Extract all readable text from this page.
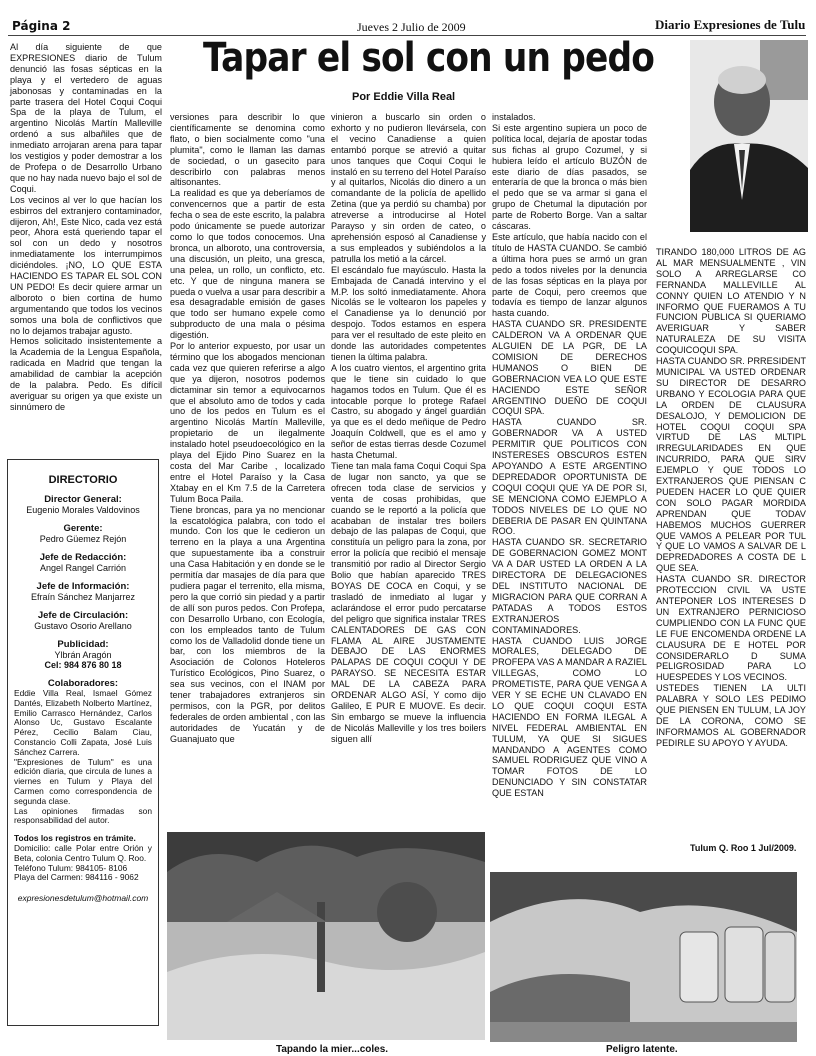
Página 2	Jueves 2 Julio de 2009	Diario Expresiones de Tulu
Tapar el sol con un pedo
Por Eddie Villa Real

Al día siguiente de que EXPRESIONES diario de Tulum denunció las fosas sépticas en la playa y el vertedero de aguas jabonosas y contaminadas en la parte trasera del Hotel Coqui Coqui Spa de la playa de Tulum, el argentino Nicolás Martín Malleville ordenó a sus albañiles que de inmediato arrojaran arena para tapar los vestigios y poder demostrar a los de Profepa o de Desarrollo Urbano que no hay nada nuevo bajo el sol de Coqui.

Los vecinos al ver lo que hacían los esbirros del extranjero contaminador, dijeron, Ah!, Este Nico, cada vez está peor, Ahora está queriendo tapar el sol con un dedo y nosotros inmediatamente los interrumpimos diciéndoles. ¡NO, LO QUE ESTA HACIENDO ES TAPAR EL SOL CON UN PEDO! Es decir quiere armar un alboroto o bien cortina de humo argumentando que todos los vecinos somos una bola de conflictivos que no lo dejamos trabajar agusto.

Hemos solicitado insistentemente a la Academia de la Lengua Española, radicada en Madrid que tengan la amabilidad de cambiar la acepción de la palabra. Pedo. Es difícil averiguar su origen ya que existe un sinnúmero de

DIRECTORIO
Director General:
Eugenio Morales Valdovinos
Gerente:
Pedro Güemez Rejón
Jefe de Redacción:
Angel Rangel Carrión
Jefe de Información:
Efraín Sánchez Manjarrez
Jefe de Circulación:
Gustavo Osorio Arellano
Publicidad:
Ylbrán Aragón
Cel: 984 876 80 18
Colaboradores:
Eddie Villa Real, Ismael Gómez Dantés, Elizabeth Nolberto Martínez, Emilio Carrasco Hernández, Carlos Alonso Uc, Gustavo Escalante Pérez, Cecilio Balam Ciau, Constancio Colli Zapata, José Luis Sánchez Carrera.
"Expresiones de Tulum" es una edición diaria, que circula de lunes a viernes en Tulum y Playa del Carmen como correspondencia de segunda clase.
Las opiniones firmadas son responsabilidad del autor.
Todos los registros en trámite.
Domicilio: calle Polar entre Orión y Beta, colonia Centro Tulum Q. Roo.
Teléfono Tulum: 984105- 8106
Playa del Carmen: 984116 - 9062
expresionesdetulum@hotmail.com

versiones para describir lo que científicamente se denomina como flato, o bien socialmente como "una plumita", como le llaman las damas de sociedad, o un gasecito para describirlo con palabras menos altisonantes.

La realidad es que ya deberíamos de convencernos que a partir de esta fecha o sea de este escrito, la palabra podo únicamente se puede autorizar como lo que todos conocemos. Una bronca, un alboroto, una controversia, una discusión, un pleito, una gresca, una pelea, un rollo, un conflicto, etc. etc. Y que de ninguna manera se pueda o vuelva a usar para describir a esa desagradable emisión de gases que todo ser humano expele como subproducto de una mala o pésima digestión.

Por lo anterior expuesto, por usar un término que los abogados mencionan cada vez que quieren referirse a algo que ya dijeron, nosotros podemos dictaminar sin temor a equivocarnos que el absoluto amo de todos y cada uno de los pedos en Tulum es el argentino Nicolás Martín Malleville, propietario de un ilegalmente instalado hotel pseudoecológico en la playa del Ejido Pino Suarez en la costa del Mar Caribe , localizado entre el Hotel Paraíso y la Casa Xtabay en el Km 7.5 de la Carretera Tulum Boca Paila.

Tiene broncas, para ya no mencionar la escatológica palabra, con todo el mundo. Con los que le cedieron un terreno en la playa a una Argentina que supuestamente iba a construir una Casa Habitación y en donde se le permitía dar masajes de día para que pudiera pagar el terrenito, ella misma, pero la que corrió sin piedad y a partir de allí son puros pedos. Con Profepa, con Desarrollo Urbano, con Ecología, con los empleados tanto de Tulum como los de Valladolid donde tiene un bar, con los miembros de la Asociación de Colonos Hoteleros Turístico Ecológicos, Pino Suarez, o sea sus vecinos, con el INAM por tener trabajadores extranjeros sin permisos, con la PGR, por delitos federales de orden ambiental , con las autoridades de Yucatán y de Guanajuato que

vinieron a buscarlo sin orden o exhorto y no pudieron llevársela, con el vecino Canadiense a quien entambó porque se atrevió a quitar unos tanques que Coqui Coqui le instaló en su terreno del Hotel Paraíso y al quitarlos, Nicolás dio dinero a un comandante de la policía de apellido Zetina (que ya perdió su chamba) por atreverse a introducirse al Hotel Parayso y sin orden de cateo, o aprehensión esposó al Canadiense y a sus empleados y subiéndolos a la patrulla los metió a la cárcel.

El escándalo fue mayúsculo. Hasta la Embajada de Canadá intervino y el M.P. los soltó inmediatamente. Ahora Nicolás se le voltearon los papeles y el Canadiense ya lo denunció por despojo. Todos estamos en espera para ver el resultado de este pleito en donde las autoridades competentes tienen la última palabra.

A los cuatro vientos, el argentino grita que le tiene sin cuidado lo que hagamos todos en Tulum. Que él es intocable porque lo protege Rafael Castro, su abogado y ángel guardián ya que es el dedo meñique de Pedro Joaquín Coldwell, que es el amo y señor de estas tierras desde Cozumel hasta Chetumal.

Tiene tan mala fama Coqui Coqui Spa de lugar non sancto, ya que se ofrecen toda clase de servicios y venta de cosas prohibidas, que cuando se le reportó a la policía que acababan de instalar tres boilers debajo de las palapas de Coqui, que constituía un peligro para la zona, por error la policía que recibió el mensaje transmitió por radio al Director Sergio Bolio que habían aparecido TRES BOYAS DE COCA en Coqui, y se trasladó de inmediato al lugar y aclarándose el error pudo percatarse del peligro que significa instalar TRES CALENTADORES DE GAS CON FLAMA AL AIRE JUSTAMENTE DEBAJO DE LAS ENORMES PALAPAS DE COQUI COQUI Y DE PARAYSO. SE NECESITA ESTAR MAL DE LA CABEZA PARA ORDENAR ALGO ASÍ, Y como dijo Galileo, E PUR E MUOVE. Es decir. Sin embargo se mueve la influencia de Nicolás Malleville y los tres boilers siguen allí

instalados.

Si este argentino supiera un poco de política local, dejaría de apostar todas sus fichas al grupo Cozumel, y si hubiera leído el artículo BUZÓN de este diario de días pasados, se enteraría de que la bronca o más bien el pedo que se va armar si gana el grupo de Chetumal la diputación por parte de Roberto Borge. Van a saltar cáscaras.

Este artículo, que había nacido con el título de HASTA CUANDO. Se cambió a última hora pues se armó un gran pedo a todos niveles por la denuncia de las fosas sépticas en la playa por parte de Coqui, pero creemos que todavía es tiempo de lanzar algunos hasta cuando.

HASTA CUANDO SR. PRESIDENTE CALDERON VA A ORDENAR QUE ALGUIEN DE LA PGR, DE LA COMISION DE DERECHOS HUMANOS O BIEN DE GOBERNACION VEA LO QUE ESTE HACIENDO ESTE SEÑOR ARGENTINO DUEÑO DE COQUI COQUI SPA.

HASTA CUANDO SR. GOBERNADOR VA A USTED PERMITIR QUE POLITICOS CON INSTERESES OBSCUROS ESTEN APOYANDO A ESTE ARGENTINO DEPREDADOR OPORTUNISTA DE COQUI COQUI QUE YA DE POR SI, SE MENCIONA COMO EJEMPLO A TODOS NIVELES DE LO QUE NO DEBERIA DE PASAR EN QUINTANA ROO.

HASTA CUANDO SR. SECRETARIO DE GOBERNACION GOMEZ MONT VA A DAR USTED LA ORDEN A LA DIRECTORA DE DELEGACIONES DEL INSTITUTO NACIONAL DE MIGRACION PARA QUE CORRAN A PATADAS A TODOS ESTOS EXTRANJEROS CONTAMINADORES.

HASTA CUANDO LUIS JORGE MORALES, DELEGADO DE PROFEPA VAS A MANDAR A RAZIEL VILLEGAS, COMO LO PROMETISTE, PARA QUE VENGA A VER Y SE ECHE UN CLAVADO EN LO QUE COQUI COQUI ESTA HACIENDO EN FORMA ILEGAL A NIVEL FEDERAL AMBIENTAL EN TULUM, YA QUE SI SIGUES MANDANDO A AGENTES COMO SAMUEL RODRIGUEZ QUE VINO A TOMAR FOTOS DE LO DENUNCIADO Y SIN CONSTATAR QUE ESTAN

TIRANDO 180,000 LITROS DE AG AL MAR MENSUALMENTE , VIN SOLO A ARREGLARSE CO FERNANDA MALLEVILLE AL CONNY QUIEN LO ATENDIO Y N INFORMO QUE FUERAMOS A TU FUNCION PUBLICA SI QUERIAMO AVERIGUAR Y SABER NATURALEZA DE SU VISITA COQUICOQUI SPA.

HASTA CUANDO SR. PRRESIDENT MUNICIPAL VA USTED ORDENAR SU DIRECTOR DE DESARRO URBANO Y ECOLOGIA PARA QUE LA ORDEN DE CLAUSURA DESALOJO, Y DEMOLICION DE HOTEL COQUI COQUI SPA VIRTUD DE LAS MLTIPL IRREGULARIDADES EN QUE INCURRIDO, PARA QUE SIRV EJEMPLO Y QUE TODOS LO EXTRANJEROS QUE PIENSAN C PUEDEN HACER LO QUE QUIER CON SOLO PAGAR MORDIDA APRENDAN QUE TODAV HABEMOS MUCHOS GUERRER QUE VAMOS A PELEAR POR TUL Y QUE LO VAMOS A SALVAR DE L DEPREDADORES A COSTA DE L QUE SEA.

HASTA CUANDO SR. DIRECTOR PROTECCION CIVIL VA USTE ANTEPONER LOS INTERESES D UN EXTRANJERO PERNICIOSO CUMPLIENDO CON LA FUNC QUE LE FUE ENCOMENDA ORDENE LA CLAUSURA DE E HOTEL POR CONSIDERARLO D SUMA PELIGROSIDAD PARA LO HUESPEDES Y LOS VECINOS.

USTEDES TIENEN LA ULTI PALABRA Y SOLO LES PEDIMO QUE PIENSEN EN TULUM, LA JOY DE LA CORONA, COMO SE INFORMAMOS AL GOBERNADOR PEDIRLE SU APOYO Y AYUDA.

Tulum Q. Roo 1 Jul/2009.
Tapando la mier...coles.	Peligro latente.
